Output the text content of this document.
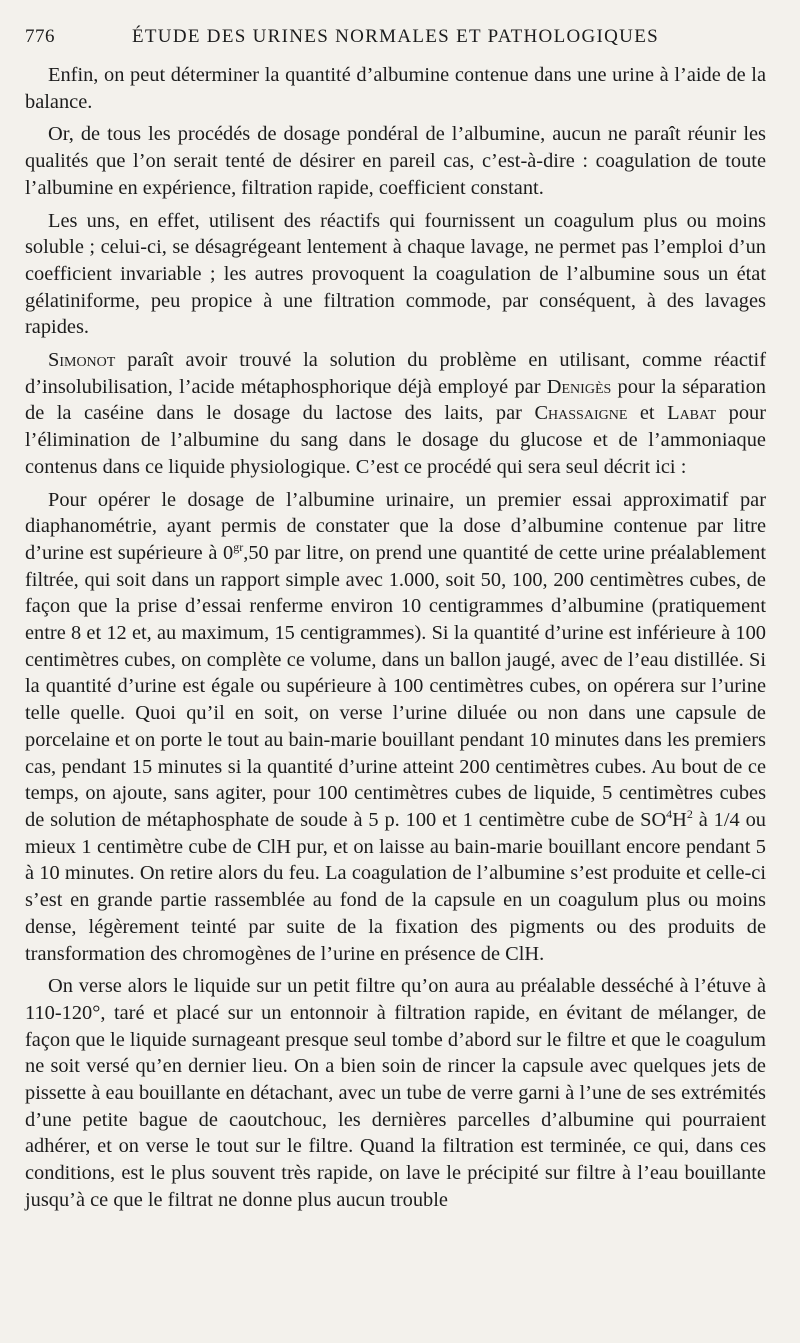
776	ÉTUDE DES URINES NORMALES ET PATHOLOGIQUES

Enfin, on peut déterminer la quantité d’albumine contenue dans une urine à l’aide de la balance.

Or, de tous les procédés de dosage pondéral de l’albumine, aucun ne paraît réunir les qualités que l’on serait tenté de désirer en pareil cas, c’est-à-dire : coagulation de toute l’albumine en expérience, filtration rapide, coefficient constant.

Les uns, en effet, utilisent des réactifs qui fournissent un coagulum plus ou moins soluble ; celui-ci, se désagrégeant lentement à chaque lavage, ne permet pas l’emploi d’un coefficient invariable ; les autres provoquent la coagulation de l’albumine sous un état gélatiniforme, peu propice à une filtration commode, par conséquent, à des lavages rapides.

Simonot paraît avoir trouvé la solution du problème en utilisant, comme réactif d’insolubilisation, l’acide métaphosphorique déjà employé par Denigès pour la séparation de la caséine dans le dosage du lactose des laits, par Chassaigne et Labat pour l’élimination de l’albumine du sang dans le dosage du glucose et de l’ammoniaque contenus dans ce liquide physiologique. C’est ce procédé qui sera seul décrit ici :

Pour opérer le dosage de l’albumine urinaire, un premier essai approximatif par diaphanométrie, ayant permis de constater que la dose d’albumine contenue par litre d’urine est supérieure à $0^{gr},50$ par litre, on prend une quantité de cette urine préalablement filtrée, qui soit dans un rapport simple avec 1.000, soit 50, 100, 200 centimètres cubes, de façon que la prise d’essai renferme environ 10 centigrammes d’albumine (pratiquement entre 8 et 12 et, au maximum, 15 centigrammes). Si la quantité d’urine est inférieure à 100 centimètres cubes, on complète ce volume, dans un ballon jaugé, avec de l’eau distillée. Si la quantité d’urine est égale ou supérieure à 100 centimètres cubes, on opérera sur l’urine telle quelle. Quoi qu’il en soit, on verse l’urine diluée ou non dans une capsule de porcelaine et on porte le tout au bain-marie bouillant pendant 10 minutes dans les premiers cas, pendant 15 minutes si la quantité d’urine atteint 200 centimètres cubes. Au bout de ce temps, on ajoute, sans agiter, pour 100 centimètres cubes de liquide, 5 centimètres cubes de solution de métaphosphate de soude à 5 p. 100 et 1 centimètre cube de $SO^4H^2$ à 1/4 ou mieux 1 centimètre cube de ClH pur, et on laisse au bain-marie bouillant encore pendant 5 à 10 minutes. On retire alors du feu. La coagulation de l’albumine s’est produite et celle-ci s’est en grande partie rassemblée au fond de la capsule en un coagulum plus ou moins dense, légèrement teinté par suite de la fixation des pigments ou des produits de transformation des chromogènes de l’urine en présence de ClH.

On verse alors le liquide sur un petit filtre qu’on aura au préalable desséché à l’étuve à 110-120°, taré et placé sur un entonnoir à filtration rapide, en évitant de mélanger, de façon que le liquide surnageant presque seul tombe d’abord sur le filtre et que le coagulum ne soit versé qu’en dernier lieu. On a bien soin de rincer la capsule avec quelques jets de pissette à eau bouillante en détachant, avec un tube de verre garni à l’une de ses extrémités d’une petite bague de caoutchouc, les dernières parcelles d’albumine qui pourraient adhérer, et on verse le tout sur le filtre. Quand la filtration est terminée, ce qui, dans ces conditions, est le plus souvent très rapide, on lave le précipité sur filtre à l’eau bouillante jusqu’à ce que le filtrat ne donne plus aucun trouble
